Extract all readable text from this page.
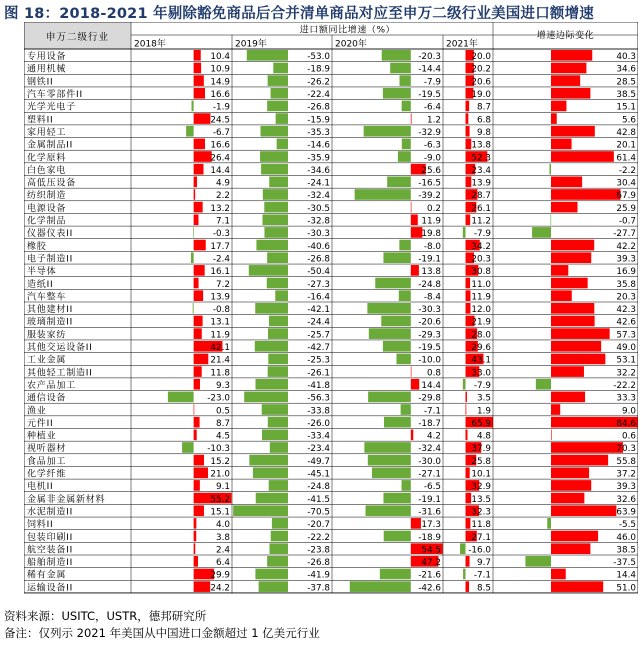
图 18：2018-2021 年剔除豁免商品后合并清单商品对应至申万二级行业美国进口额增速
申万二级行业
进口额同比增速（%）
增速边际变化
2018年	2019年	2020年	2021年
专用设备	10.4	-53.0	-20.3	20.0	40.3
通用机械	10.9	-18.9	-14.4	20.2	34.6
钢铁II	14.9	-26.2	-7.9	20.6	28.5
汽车零部件II	16.6	-22.4	-19.5	19.0	38.5
光学光电子	-1.9	-26.8	-6.4	8.7	15.1
塑料II	24.5	-15.9	1.2	6.8	5.6
家用轻工	-6.7	-35.3	-32.9	9.8	42.8
金属制品II	16.6	-14.6	-6.3	13.8	20.1
化学原料	26.4	-35.9	-9.0	52.3	61.4
白色家电	14.4	-34.6	25.6	23.4	-2.2
高低压设备	4.9	-24.1	-16.5	13.9	30.4
纺织制造	2.2	-32.4	-39.2	28.7	67.9
电源设备	13.2	-30.5	0.2	26.1	25.9
化学制品	7.1	-32.8	11.9	11.2	-0.7
仪器仪表II	-0.3	-30.3	19.8	-7.9	-27.7
橡胶	17.7	-40.6	-8.0	34.2	42.2
电子制造II	-2.4	-26.8	-19.1	20.3	39.3
半导体	16.1	-50.4	13.8	30.8	16.9
造纸II	7.2	-27.3	-24.8	11.0	35.8
汽车整车	13.9	-16.4	-8.4	11.9	20.3
其他建材II	-0.8	-42.1	-30.3	12.0	42.3
玻璃制造II	13.1	-24.4	-20.6	21.9	42.6
服装家纺	11.9	-25.7	-29.3	28.0	57.3
其他交运设备II	42.1	-42.7	-19.5	29.6	49.0
工业金属	21.4	-25.3	-10.0	43.1	53.1
其他轻工制造II	11.8	-26.1	0.8	33.0	32.2
农产品加工	9.3	-41.8	14.4	-7.9	-22.2
通信设备	-23.0	-56.3	-29.8	3.5	33.3
渔业	0.5	-33.8	-7.1	1.9	9.0
元件II	8.7	-26.0	-18.7	65.9	84.6
种植业	4.5	-33.4	4.2	4.8	0.6
视听器材	-10.3	-23.4	-32.4	37.9	70.3
食品加工	15.2	-49.7	-30.0	25.8	55.8
化学纤维	21.0	-45.1	-27.1	10.1	37.2
电机II	9.1	-24.8	-6.5	32.9	39.3
金属非金属新材料	55.2	-41.5	-19.1	13.5	32.6
水泥制造II	15.1	-70.5	-31.6	32.3	63.9
饲料II	4.0	-20.7	17.3	11.8	-5.5
包装印刷II	3.8	-22.2	-18.9	27.1	46.0
航空装备II	2.4	-23.8	54.5	-16.0	38.5
船舶制造II	6.4	-26.8	47.2	9.7	-37.5
稀有金属	29.9	-41.9	-21.6	-7.1	14.4
运输设备II	24.2	-37.8	-42.6	8.5	51.0
资料来源：USITC，USTR，德邦研究所
备注：仅列示 2021 年美国从中国进口金额超过 1 亿美元行业
